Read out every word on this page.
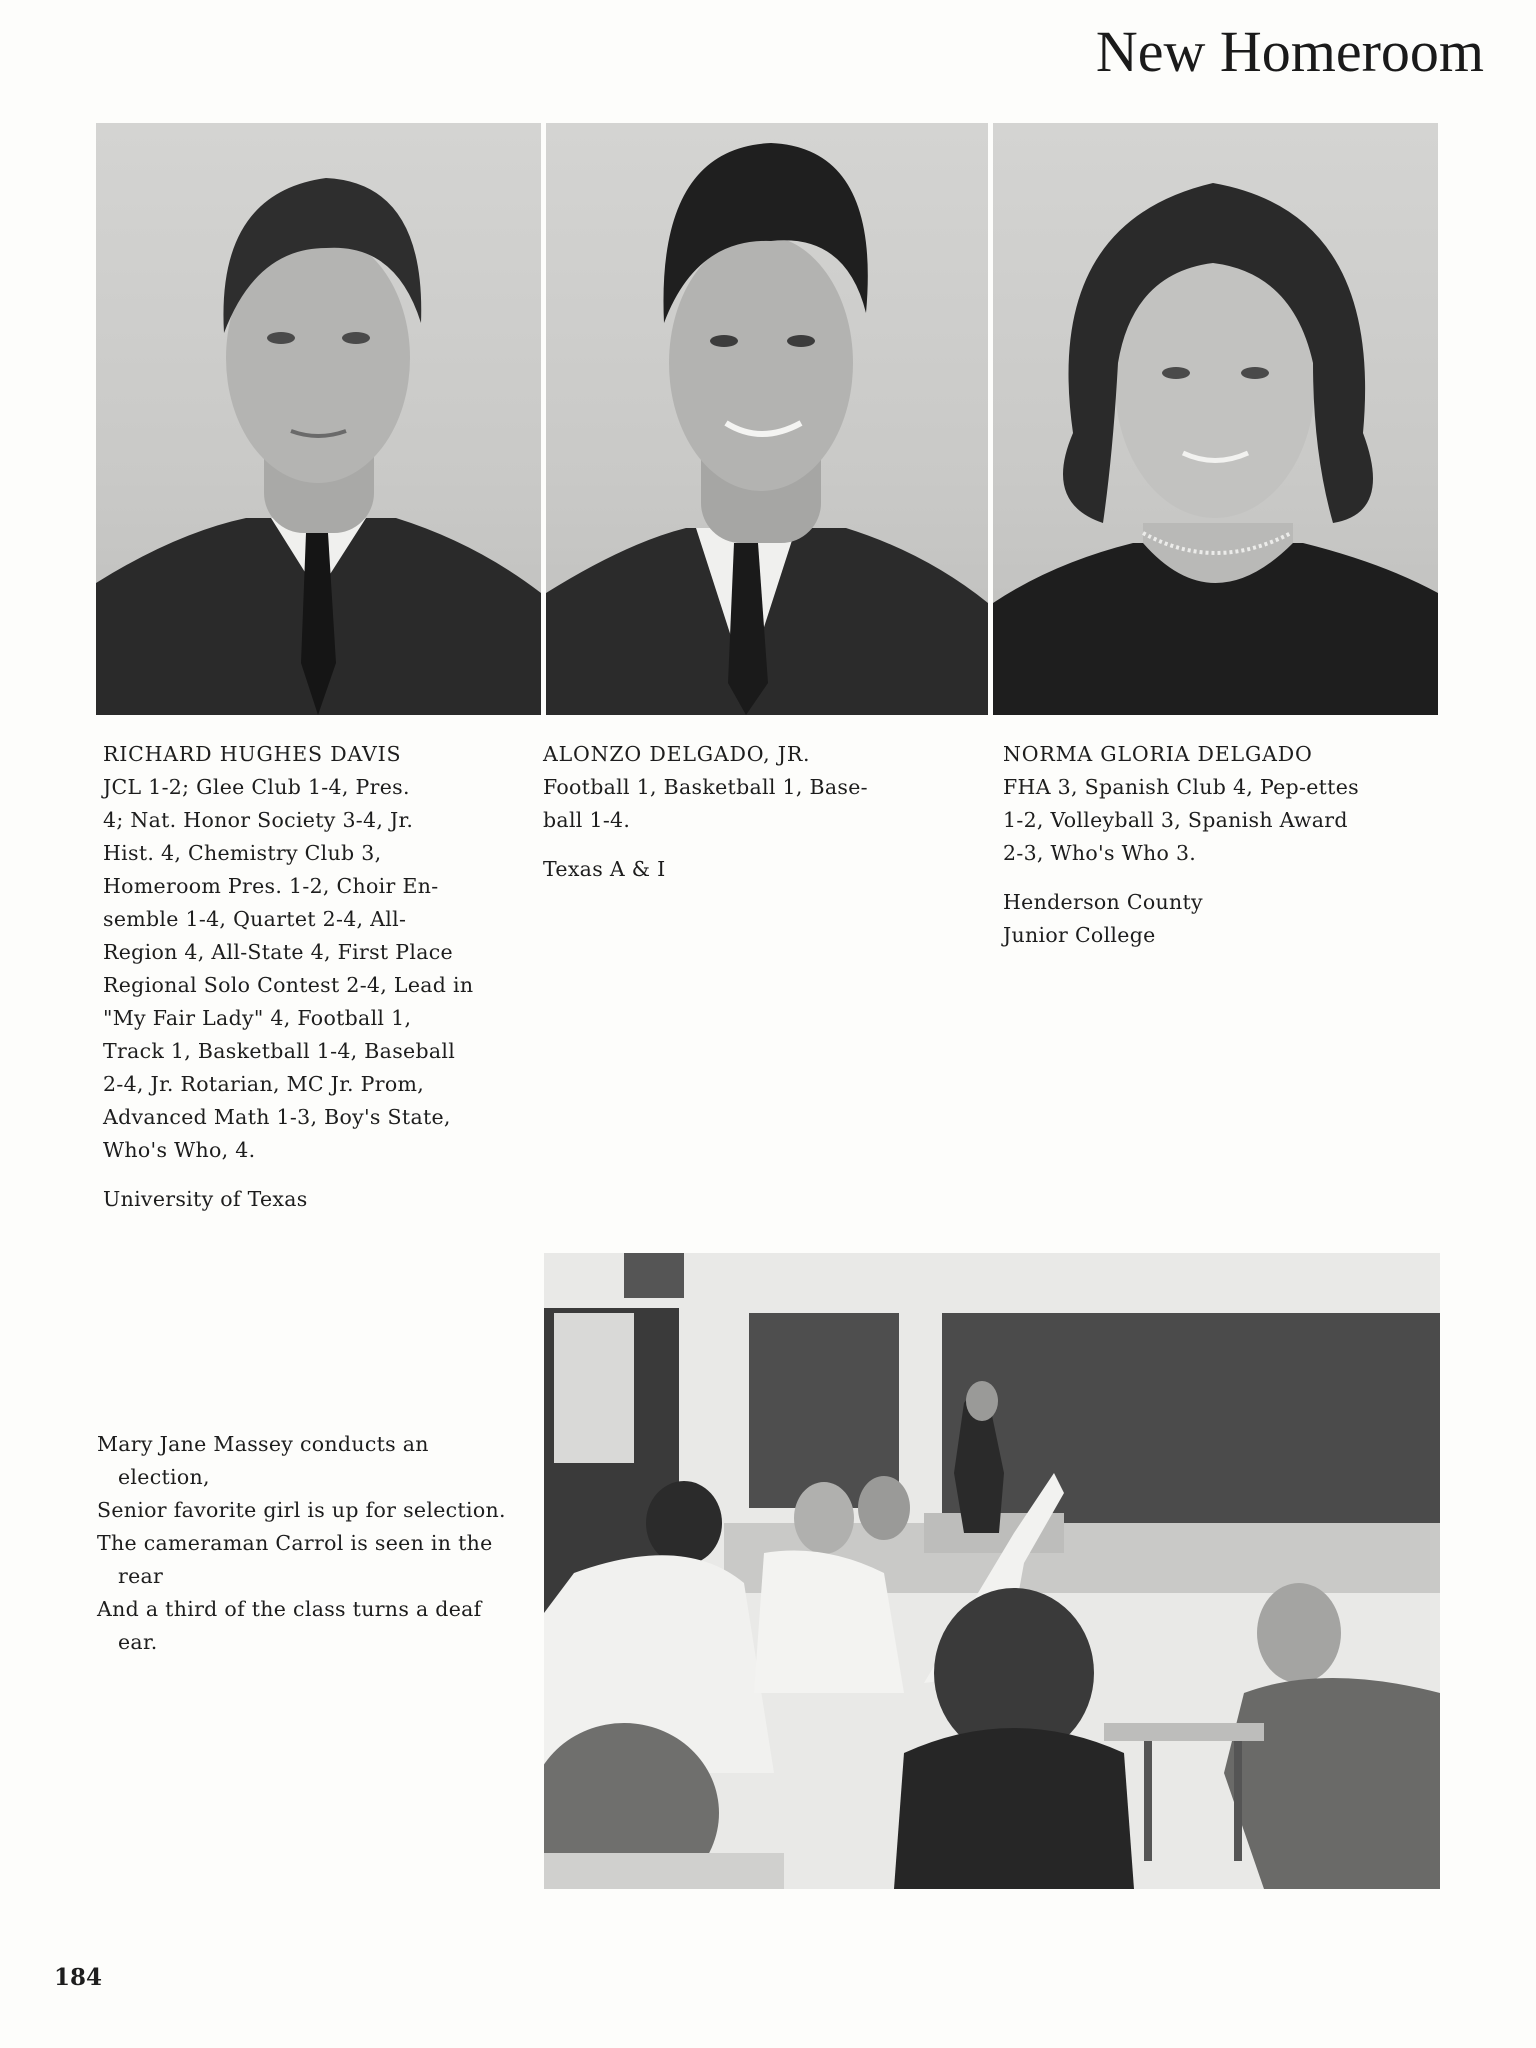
New Homeroom
RICHARD HUGHES DAVIS
JCL 1-2; Glee Club 1-4, Pres.
4; Nat. Honor Society 3-4, Jr.
Hist. 4, Chemistry Club 3,
Homeroom Pres. 1-2, Choir En-
semble 1-4, Quartet 2-4, All-
Region 4, All-State 4, First Place
Regional Solo Contest 2-4, Lead in
"My Fair Lady" 4, Football 1,
Track 1, Basketball 1-4, Baseball
2-4, Jr. Rotarian, MC Jr. Prom,
Advanced Math 1-3, Boy's State,
Who's Who, 4.
University of Texas
ALONZO DELGADO, JR.
Football 1, Basketball 1, Base-
ball 1-4.
Texas A & I
NORMA GLORIA DELGADO
FHA 3, Spanish Club 4, Pep-ettes
1-2, Volleyball 3, Spanish Award
2-3, Who's Who 3.
Henderson County
Junior College
Mary Jane Massey conducts an election,
Senior favorite girl is up for selection.
The cameraman Carrol is seen in the rear
And a third of the class turns a deaf ear.
184
